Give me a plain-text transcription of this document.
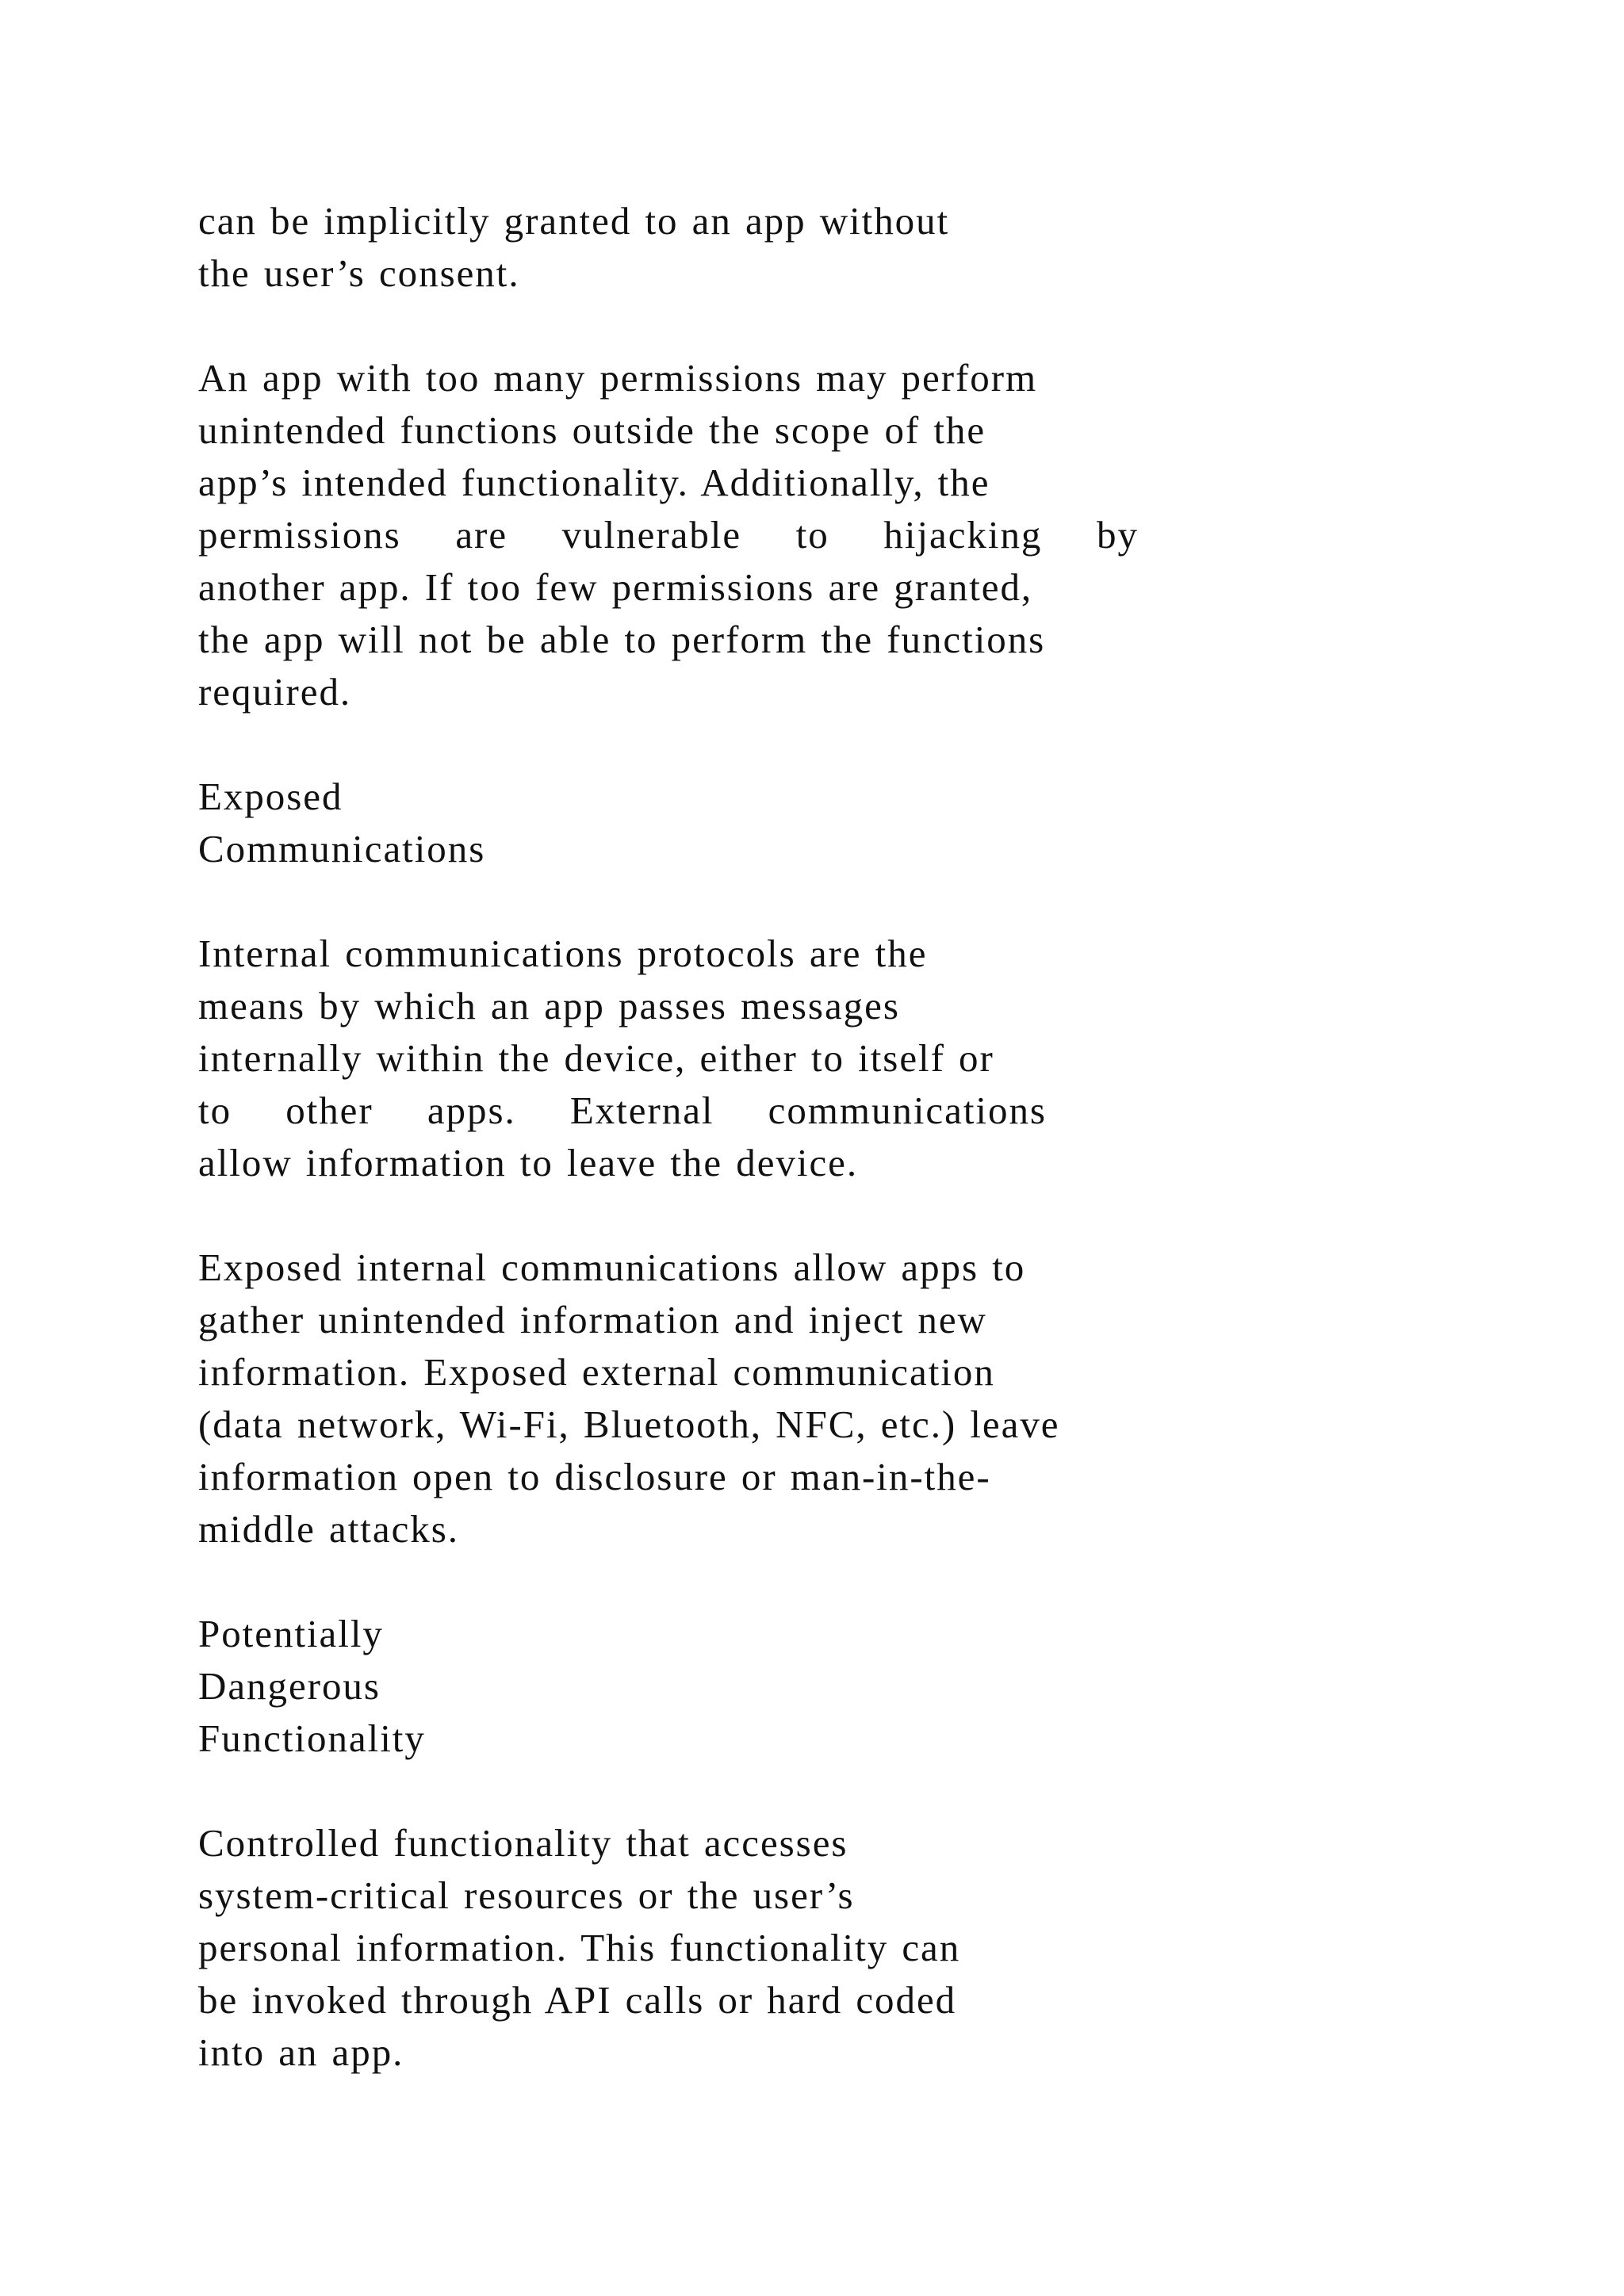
can be implicitly granted to an app without
the user’s consent.
An app with too many permissions may perform
unintended functions outside the scope of the
app’s intended functionality. Additionally, the
permissions are vulnerable to hijacking by
another app. If too few permissions are granted,
the app will not be able to perform the functions
required.
Exposed
Communications
Internal communications protocols are the
means by which an app passes messages
internally within the device, either to itself or
to other apps. External communications
allow information to leave the device.
Exposed internal communications allow apps to
gather unintended information and inject new
information. Exposed external communication
(data network, Wi-Fi, Bluetooth, NFC, etc.) leave
information open to disclosure or man-in-the-
middle attacks.
Potentially
Dangerous
Functionality
Controlled functionality that accesses
system-critical resources or the user’s
personal information. This functionality can
be invoked through API calls or hard coded
into an app.
